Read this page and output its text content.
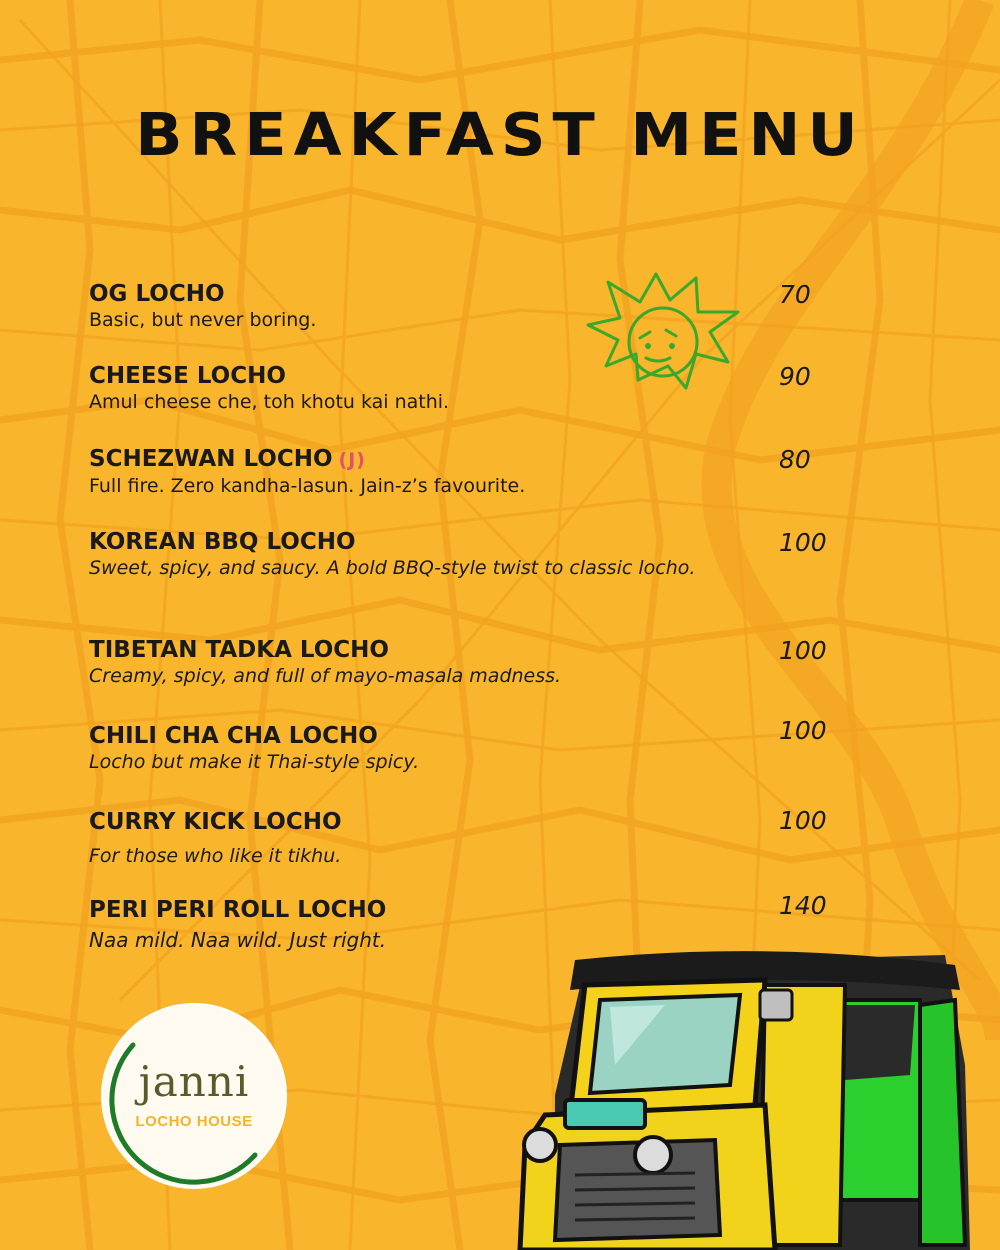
BREAKFAST MENU
OG LOCHO
Basic, but never boring.
70
CHEESE LOCHO
Amul cheese che, toh khotu kai nathi.
90
SCHEZWAN LOCHO (J)
Full fire. Zero kandha-lasun. Jain-z’s favourite.
80
KOREAN BBQ LOCHO
Sweet, spicy, and saucy. A bold BBQ-style twist to classic locho.
100
TIBETAN TADKA LOCHO
Creamy, spicy, and full of mayo-masala madness.
100
CHILI CHA CHA LOCHO
Locho but make it Thai-style spicy.
100
CURRY KICK LOCHO
For those who like it tikhu.
100
PERI PERI ROLL LOCHO
Naa mild. Naa wild. Just right.
140
janni
LOCHO HOUSE
